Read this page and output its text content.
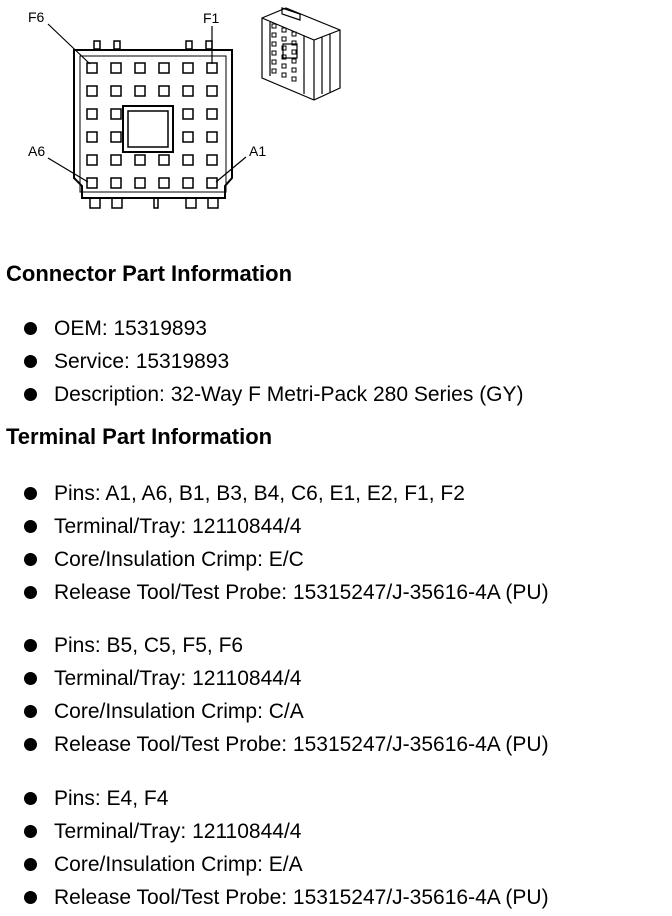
F6	F1
A6	A1
Connector Part Information
OEM: 15319893
Service: 15319893
Description: 32-Way F Metri-Pack 280 Series (GY)
Terminal Part Information
Pins: A1, A6, B1, B3, B4, C6, E1, E2, F1, F2
Terminal/Tray: 12110844/4
Core/Insulation Crimp: E/C
Release Tool/Test Probe: 15315247/J-35616-4A (PU)
Pins: B5, C5, F5, F6
Terminal/Tray: 12110844/4
Core/Insulation Crimp: C/A
Release Tool/Test Probe: 15315247/J-35616-4A (PU)
Pins: E4, F4
Terminal/Tray: 12110844/4
Core/Insulation Crimp: E/A
Release Tool/Test Probe: 15315247/J-35616-4A (PU)
